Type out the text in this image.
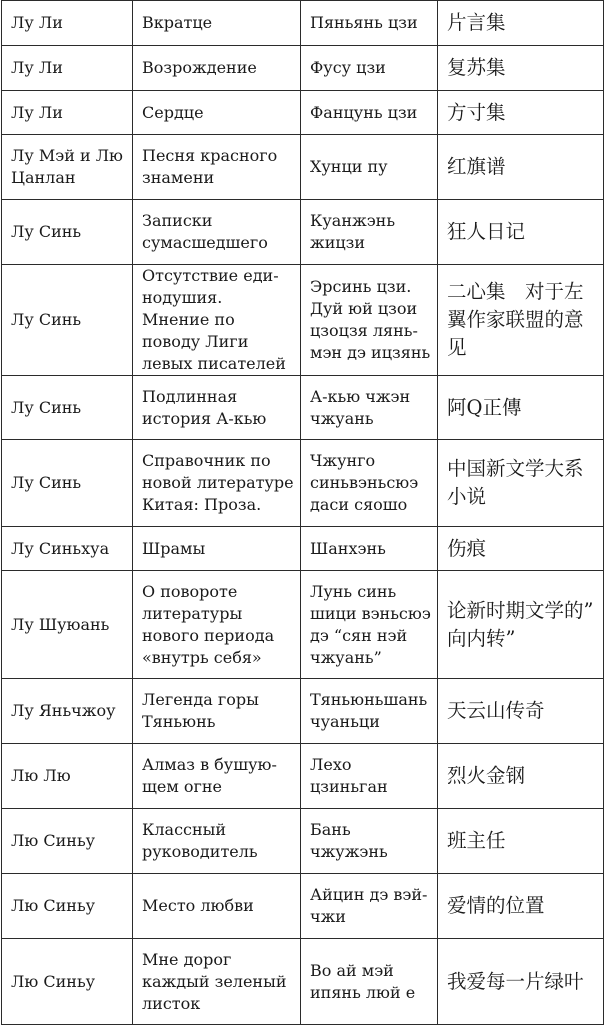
Лу Ли	Вкратце	Пяньянь цзи	片言集
Лу Ли	Возрождение	Фусу цзи	复苏集
Лу Ли	Сердце	Фанцунь цзи	方寸集
Лу Мэй и Лю Цанлан	Песня красного знамени	Хунци пу	红旗谱
Лу Синь	Записки сумасшедшего	Куанжэнь жицзи	狂人日记
Лу Синь	Отсутствие еди-нодушия. Мнение по поводу Лиги левых писателей	Эрсинь цзи. Дуй юй цзои цзоцзя лянь-мэн дэ ицзянь	二心集　对于左翼作家联盟的意见
Лу Синь	Подлинная история А-кью	А-кью чжэн чжуань	阿Q正傳
Лу Синь	Справочник по новой литературе Китая: Проза.	Чжунго синьвэньсюэ даси сяошо	中国新文学大系小说
Лу Синьхуа	Шрамы	Шанхэнь	伤痕
Лу Шуюань	О повороте литературы нового периода «внутрь себя»	Лунь синь шици вэньсюэ дэ “сян нэй чжуань”	论新时期文学的” 向内转”
Лу Яньчжоу	Легенда горы Тяньюнь	Тяньюньшань чуаньци	天云山传奇
Лю Лю	Алмаз в бушую-щем огне	Лехо цзиньган	烈火金钢
Лю Синьу	Классный руководитель	Бань чжужэнь	班主任
Лю Синьу	Место любви	Айцин дэ вэй-чжи	爱情的位置
Лю Синьу	Мне дорог каждый зеленый листок	Во ай мэй ипянь люй е	我爱每一片绿叶
